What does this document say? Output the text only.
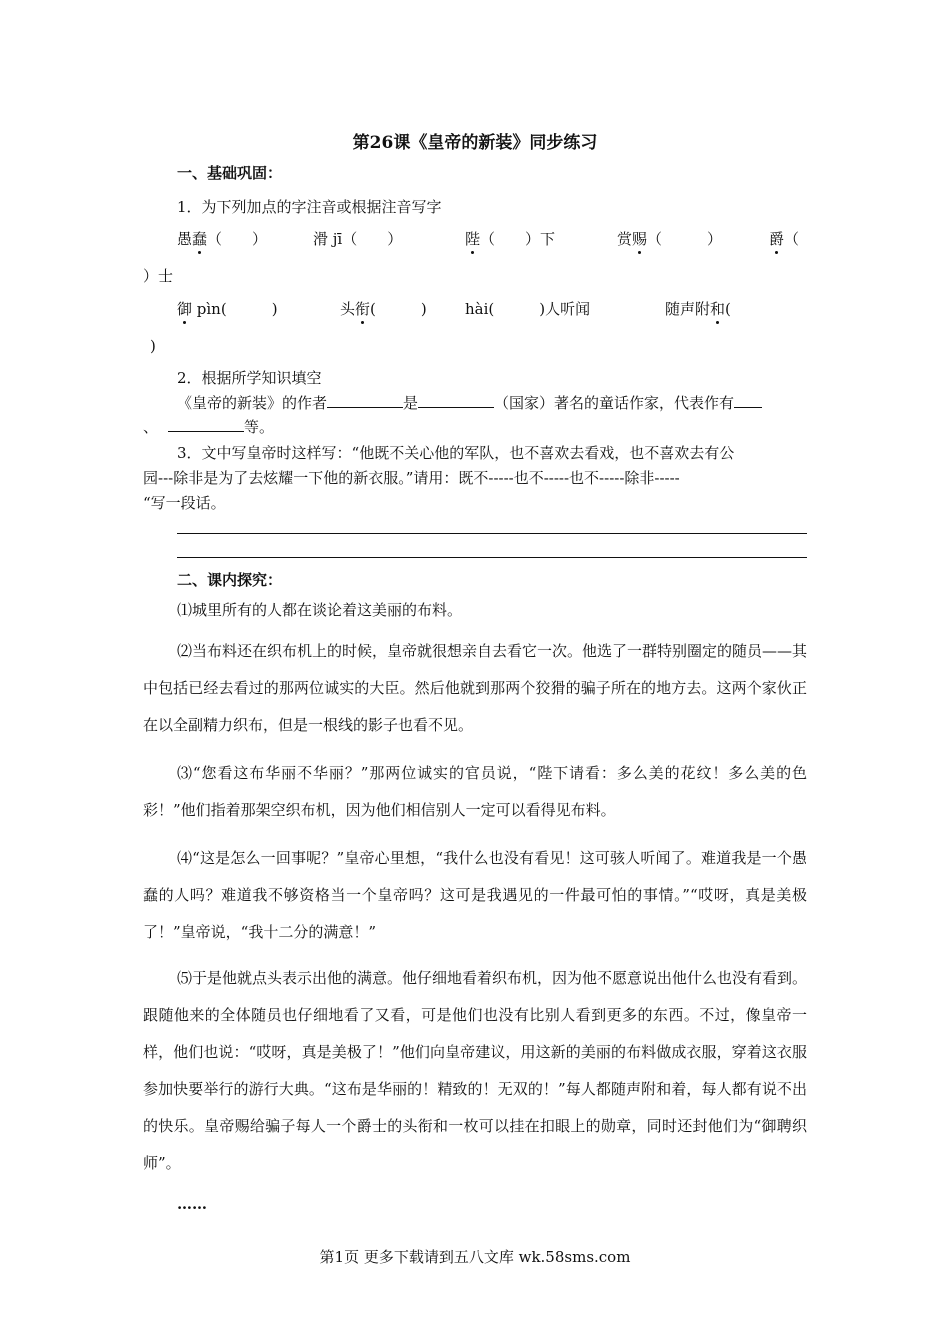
第26课《皇帝的新装》同步练习
一、基础巩固：
1．为下列加点的字注音或根据注音写字
愚蠢（　　）	滑 jī（　　）	陛（　　）下	赏赐（　　　）	爵（
）士
御 pìn(　　　)	头衔(　　　)	hài(　　　)人听闻	随声附和(
)
2．根据所学知识填空
《皇帝的新装》的作者	是	（国家）著名的童话作家，代表作有
、	等。
3．文中写皇帝时这样写：“他既不关心他的军队，也不喜欢去看戏，也不喜欢去有公
园---除非是为了去炫耀一下他的新衣服。”请用：既不-----也不-----也不-----除非-----
“写一段话。
二、课内探究：
⑴城里所有的人都在谈论着这美丽的布料。
⑵当布料还在织布机上的时候，皇帝就很想亲自去看它一次。他选了一群特别圈定的随员——其中包括已经去看过的那两位诚实的大臣。然后他就到那两个狡猾的骗子所在的地方去。这两个家伙正在以全副精力织布，但是一根线的影子也看不见。
⑶“您看这布华丽不华丽？”那两位诚实的官员说，“陛下请看：多么美的花纹！多么美的色彩！”他们指着那架空织布机，因为他们相信别人一定可以看得见布料。
⑷“这是怎么一回事呢？”皇帝心里想，“我什么也没有看见！这可骇人听闻了。难道我是一个愚蠢的人吗？难道我不够资格当一个皇帝吗？这可是我遇见的一件最可怕的事情。”“哎呀，真是美极了！”皇帝说，“我十二分的满意！”
⑸于是他就点头表示出他的满意。他仔细地看着织布机，因为他不愿意说出他什么也没有看到。跟随他来的全体随员也仔细地看了又看，可是他们也没有比别人看到更多的东西。不过，像皇帝一样，他们也说：“哎呀，真是美极了！”他们向皇帝建议，用这新的美丽的布料做成衣服，穿着这衣服参加快要举行的游行大典。“这布是华丽的！精致的！无双的！”每人都随声附和着，每人都有说不出的快乐。皇帝赐给骗子每人一个爵士的头衔和一枚可以挂在扣眼上的勋章，同时还封他们为“御聘织师”。
……
第1页 更多下载请到五八文库 wk.58sms.com
